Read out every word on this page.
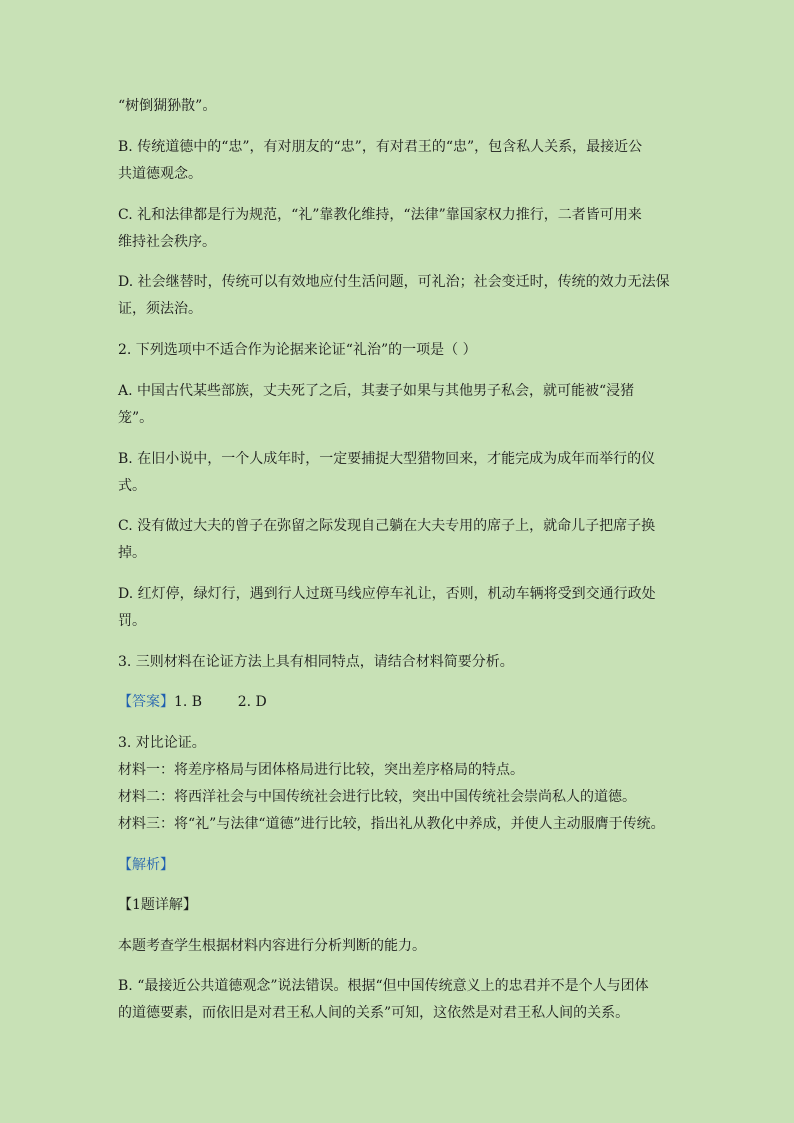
“树倒猢狲散”。
B. 传统道德中的“忠”，有对朋友的“忠”，有对君王的“忠”，包含私人关系，最接近公
共道德观念。
C. 礼和法律都是行为规范，“礼”靠教化维持，“法律”靠国家权力推行，二者皆可用来
维持社会秩序。
D. 社会继替时，传统可以有效地应付生活问题，可礼治；社会变迁时，传统的效力无法保
证，须法治。
2. 下列选项中不适合作为论据来论证“礼治”的一项是（ ）
A. 中国古代某些部族，丈夫死了之后，其妻子如果与其他男子私会，就可能被“浸猪
笼”。
B. 在旧小说中，一个人成年时，一定要捕捉大型猎物回来，才能完成为成年而举行的仪
式。
C. 没有做过大夫的曾子在弥留之际发现自己躺在大夫专用的席子上，就命儿子把席子换
掉。
D. 红灯停，绿灯行，遇到行人过斑马线应停车礼让，否则，机动车辆将受到交通行政处
罚。
3. 三则材料在论证方法上具有相同特点，请结合材料简要分析。
【答案】1. B        2. D
3. 对比论证。
材料一：将差序格局与团体格局进行比较，突出差序格局的特点。
材料二：将西洋社会与中国传统社会进行比较，突出中国传统社会崇尚私人的道德。
材料三：将“礼”与法律“道德”进行比较，指出礼从教化中养成，并使人主动服膺于传统。
【解析】
【1题详解】
本题考查学生根据材料内容进行分析判断的能力。
B. “最接近公共道德观念”说法错误。根据“但中国传统意义上的忠君并不是个人与团体
的道德要素，而依旧是对君王私人间的关系”可知，这依然是对君王私人间的关系。
